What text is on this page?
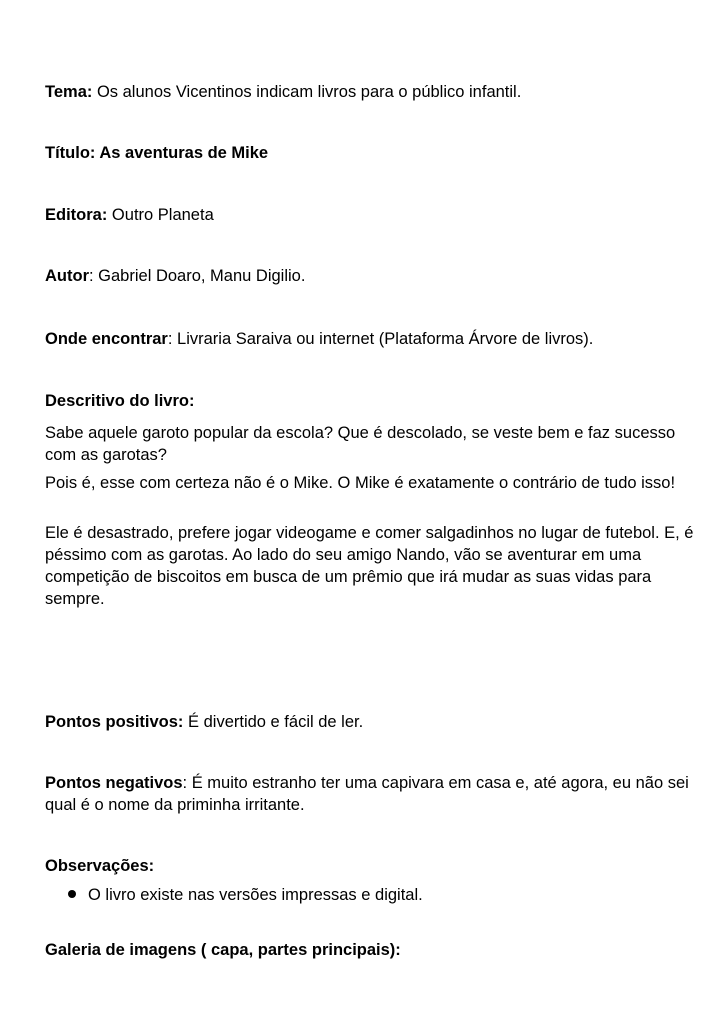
Tema: Os alunos Vicentinos indicam livros para o público infantil.

Título: As aventuras de Mike

Editora: Outro Planeta

Autor: Gabriel Doaro, Manu Digilio.

Onde encontrar: Livraria Saraiva ou internet (Plataforma Árvore de livros).

Descritivo do livro:

Sabe aquele garoto popular da escola? Que é descolado, se veste bem e faz sucesso com as garotas?

Pois é, esse com certeza não é o Mike. O Mike é exatamente o contrário de tudo isso!

Ele é desastrado, prefere jogar videogame e comer salgadinhos no lugar de futebol. E, é péssimo com as garotas. Ao lado do seu amigo Nando, vão se aventurar em uma competição de biscoitos em busca de um prêmio que irá mudar as suas vidas para sempre.

Pontos positivos: É divertido e fácil de ler.

Pontos negativos: É muito estranho ter uma capivara em casa e, até agora, eu não sei qual é o nome da priminha irritante.

Observações:

O livro existe nas versões impressas e digital.

Galeria de imagens ( capa, partes principais):
